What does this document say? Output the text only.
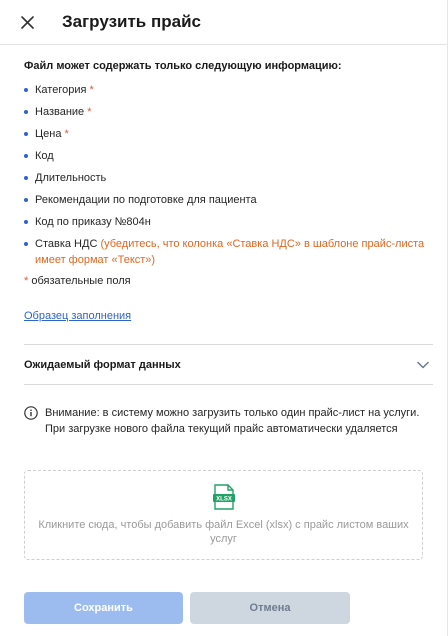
Загрузить прайс
Файл может содержать только следующую информацию:
Категория *
Название *
Цена *
Код
Длительность
Рекомендации по подготовке для пациента
Код по приказу №804н
Ставка НДС (убедитесь, что колонка «Ставка НДС» в шаблоне прайс-листа имеет формат «Текст»)
* обязательные поля
Образец заполнения
Ожидаемый формат данных
Внимание: в систему можно загрузить только один прайс-лист на услуги. При загрузке нового файла текущий прайс автоматически удаляется
XLSX
Кликните сюда, чтобы добавить файл Excel (xlsx) с прайс листом ваших услуг
Сохранить	Отмена
